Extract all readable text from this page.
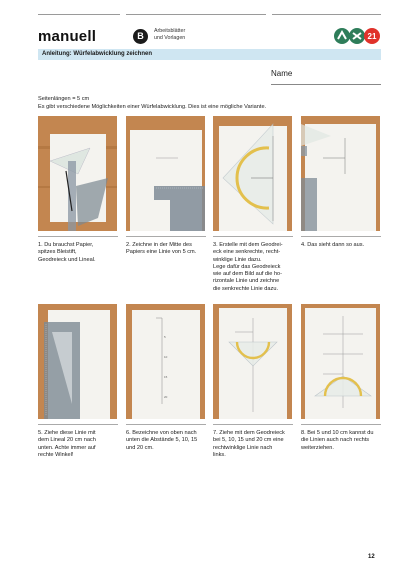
manuell	B	Arbeitsblätter
und Vorlagen	21
Anleitung: Würfelabwicklung zeichnen
Name
Seitenlängen = 5 cm
Es gibt verschiedene Möglichkeiten einer Würfelabwicklung. Dies ist eine mögliche Variante.
1. Du brauchst Papier,
spitzes Bleistift,
Geodreieck und Lineal.
2. Zeichne in der Mitte des
Papiers eine Linie von 5 cm.
3. Erstelle mit dem Geodrei-
eck eine senkrechte, recht-
winklige Linie dazu.
Lege dafür das Geodreieck
wie auf dem Bild auf die ho-
rizontale Linie und zeichne
die senkrechte Linie dazu.
4. Das sieht dann so aus.
5
10
15
20
5. Ziehe diese Linie mit
dem Lineal 20 cm nach
unten. Achte immer auf
rechte Winkel!
6. Bezeichne von oben nach
unten die Abstände 5, 10, 15
und 20 cm.
7. Ziehe mit dem Geodreieck
bei 5, 10, 15 und 20 cm eine
rechtwinklige Linie nach
links.
8. Bei 5 und 10 cm kannst du
die Linien auch nach rechts
weiterziehen.
12
